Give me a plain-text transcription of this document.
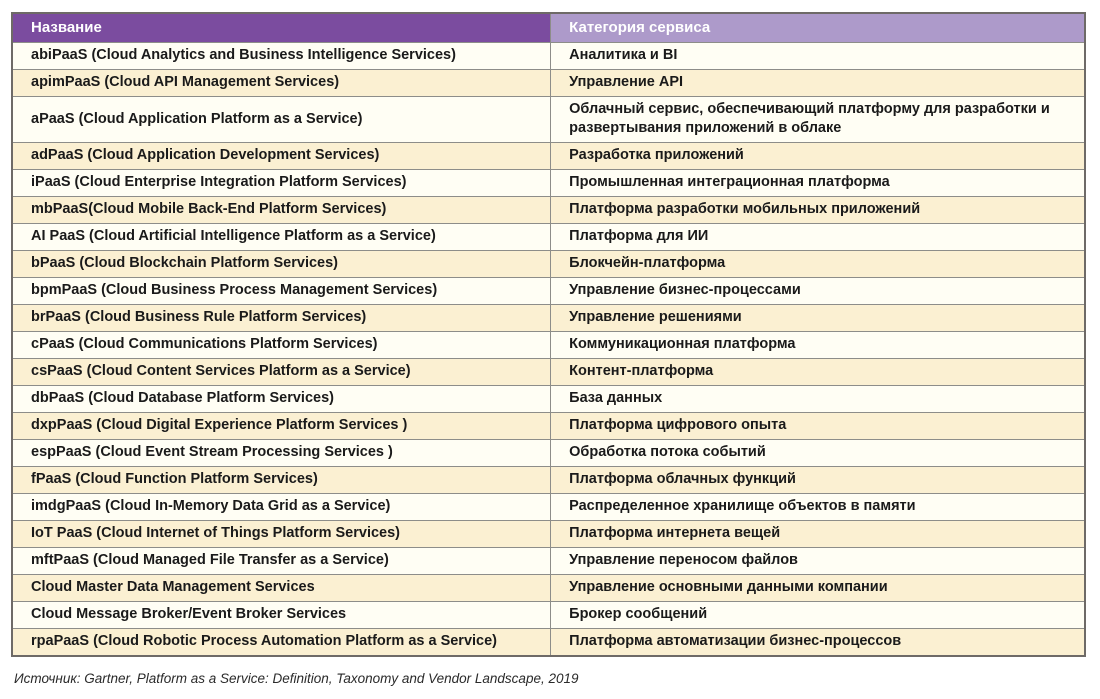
Название	Категория сервиса
abiPaaS (Cloud Analytics and Business Intelligence Services)	Аналитика и BI
apimPaaS (Cloud API Management Services)	Управление API
aPaaS (Cloud Application Platform as a Service)	Облачный сервис, обеспечивающий платформу для разработки и развертывания приложений в облаке
adPaaS (Cloud Application Development Services)	Разработка приложений
iPaaS (Cloud Enterprise Integration Platform Services)	Промышленная интеграционная платформа
mbPaaS(Cloud Mobile Back-End Platform Services)	Платформа разработки мобильных приложений
AI PaaS (Cloud Artificial Intelligence Platform as a Service)	Платформа для ИИ
bPaaS (Cloud Blockchain Platform Services)	Блокчейн-платформа
bpmPaaS (Cloud Business Process Management Services)	Управление бизнес-процессами
brPaaS (Cloud Business Rule Platform Services)	Управление решениями
cPaaS (Cloud Communications Platform Services)	Коммуникационная платформа
csPaaS (Cloud Content Services Platform as a Service)	Контент-платформа
dbPaaS (Cloud Database Platform Services)	База данных
dxpPaaS (Cloud Digital Experience Platform Services )	Платформа цифрового опыта
espPaaS (Cloud Event Stream Processing Services )	Обработка потока событий
fPaaS (Cloud Function Platform Services)	Платформа облачных функций
imdgPaaS (Cloud In-Memory Data Grid as a Service)	Распределенное хранилище объектов в памяти
IoT PaaS (Cloud Internet of Things Platform Services)	Платформа интернета вещей
mftPaaS (Cloud Managed File Transfer as a Service)	Управление переносом файлов
Cloud Master Data Management Services	Управление основными данными компании
Cloud Message Broker/Event Broker Services	Брокер сообщений
rpaPaaS (Cloud Robotic Process Automation Platform as a Service)	Платформа автоматизации бизнес-процессов
Источник: Gartner, Platform as a Service: Definition, Taxonomy and Vendor Landscape, 2019
